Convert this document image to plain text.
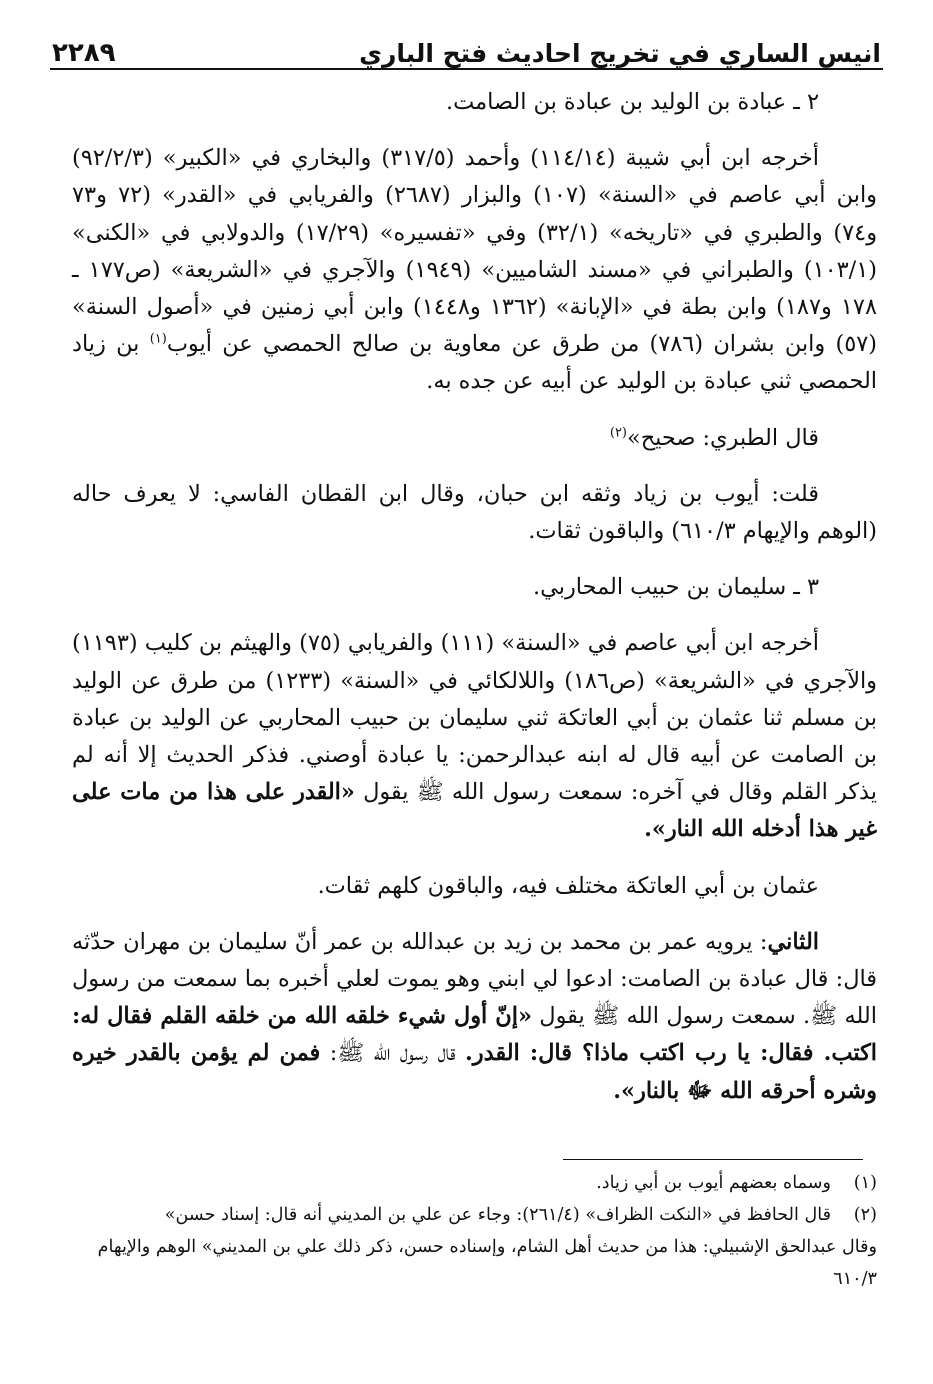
انيس الساري في تخريج احاديث فتح الباري
٢٢٨٩
٢ ـ عبادة بن الوليد بن عبادة بن الصامت.
أخرجه ابن أبي شيبة (١١٤/١٤) وأحمد (٣١٧/٥) والبخاري في «الكبير» (٩٢/٢/٣) وابن أبي عاصم في «السنة» (١٠٧) والبزار (٢٦٨٧) والفريابي في «القدر» (٧٢ و٧٣ و٧٤) والطبري في «تاريخه» (٣٢/١) وفي «تفسيره» (١٧/٢٩) والدولابي في «الكنى» (١٠٣/١) والطبراني في «مسند الشاميين» (١٩٤٩) والآجري في «الشريعة» (ص١٧٧ ـ ١٧٨ و١٨٧) وابن بطة في «الإبانة» (١٣٦٢ و١٤٤٨) وابن أبي زمنين في «أصول السنة» (٥٧) وابن بشران (٧٨٦) من طرق عن معاوية بن صالح الحمصي عن أيوب$^{(١)}$ بن زياد الحمصي ثني عبادة بن الوليد عن أبيه عن جده به.
قال الطبري: صحيح»$^{(٢)}$
قلت: أيوب بن زياد وثقه ابن حبان، وقال ابن القطان الفاسي: لا يعرف حاله (الوهم والإيهام ٦١٠/٣) والباقون ثقات.
٣ ـ سليمان بن حبيب المحاربي.
أخرجه ابن أبي عاصم في «السنة» (١١١) والفريابي (٧٥) والهيثم بن كليب (١١٩٣) والآجري في «الشريعة» (ص١٨٦) واللالكائي في «السنة» (١٢٣٣) من طرق عن الوليد بن مسلم ثنا عثمان بن أبي العاتكة ثني سليمان بن حبيب المحاربي عن الوليد بن عبادة بن الصامت عن أبيه قال له ابنه عبدالرحمن: يا عبادة أوصني. فذكر الحديث إلا أنه لم يذكر القلم وقال في آخره: سمعت رسول الله ﷺ يقول «القدر على هذا من مات على غير هذا أدخله الله النار».
عثمان بن أبي العاتكة مختلف فيه، والباقون كلهم ثقات.
الثاني: يرويه عمر بن محمد بن زيد بن عبدالله بن عمر أنّ سليمان بن مهران حدّثه قال: قال عبادة بن الصامت: ادعوا لي ابني وهو يموت لعلي أخبره بما سمعت من رسول الله ﷺ. سمعت رسول الله ﷺ يقول «إنّ أول شيء خلقه الله من خلقه القلم فقال له: اكتب. فقال: يا رب اكتب ماذا؟ قال: القدر. قال رسول الله ﷺ: فمن لم يؤمن بالقدر خيره وشره أحرقه الله ﷻ بالنار».
(١)
وسماه بعضهم أيوب بن أبي زياد.
(٢)
قال الحافظ في «النكت الظراف» (٢٦١/٤): وجاء عن علي بن المديني أنه قال: إسناد حسن»
وقال عبدالحق الإشبيلي: هذا من حديث أهل الشام، وإسناده حسن، ذكر ذلك علي بن المديني» الوهم والإيهام ٦١٠/٣
